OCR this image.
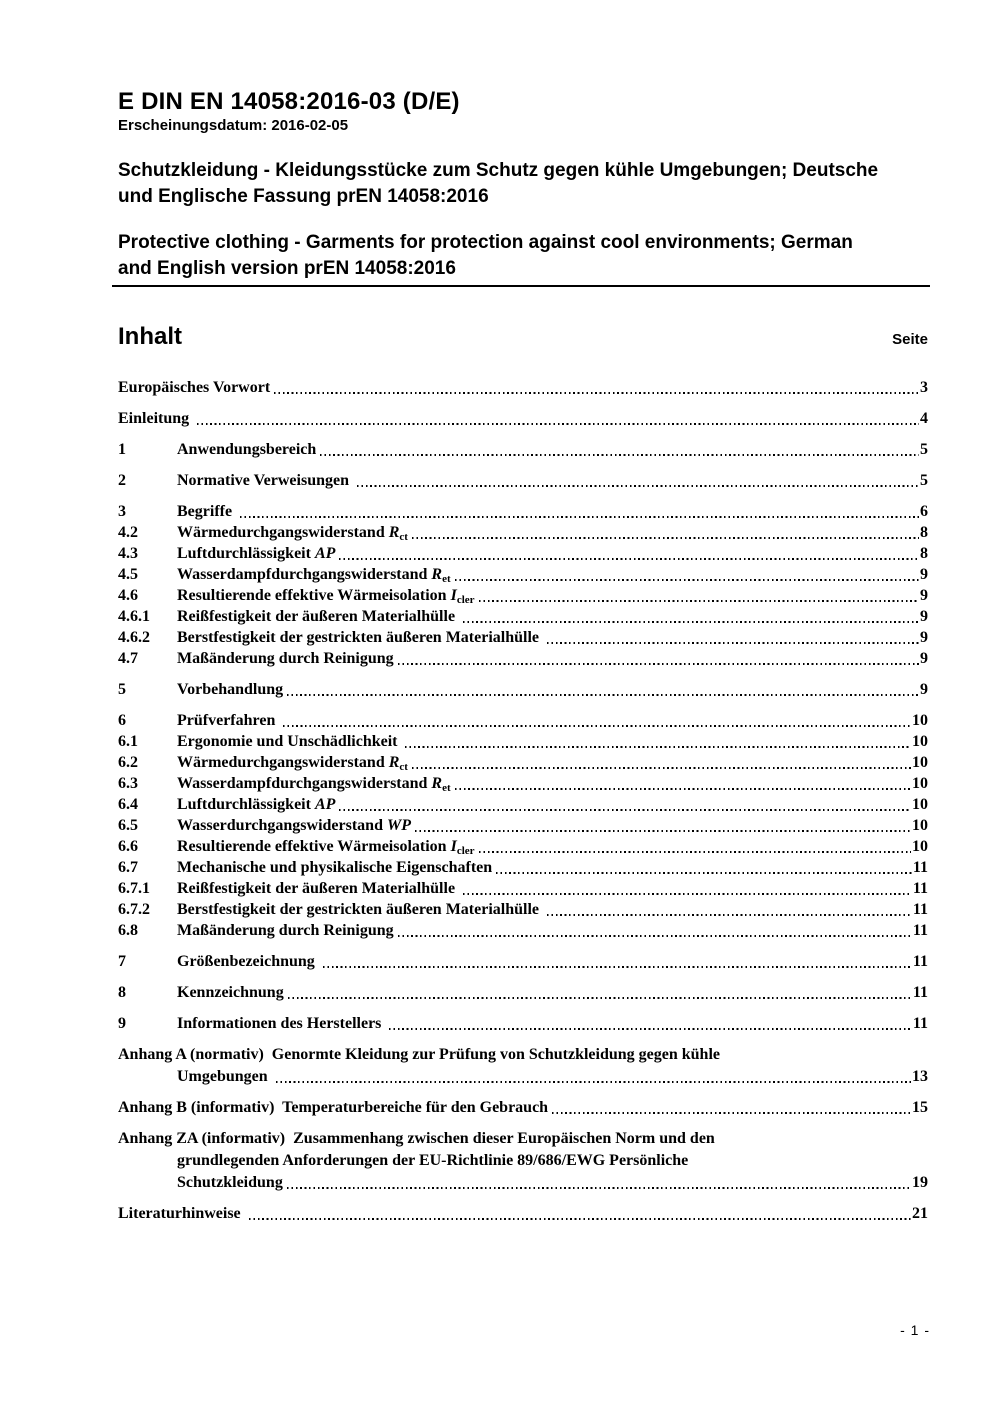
E DIN EN 14058:2016-03 (D/E)
Erscheinungsdatum: 2016-02-05
Schutzkleidung - Kleidungsstücke zum Schutz gegen kühle Umgebungen; Deutsche
und Englische Fassung prEN 14058:2016
Protective clothing - Garments for protection against cool environments; German
and English version prEN 14058:2016
Inhalt	Seite
Europäisches Vorwort	3
Einleitung	4
1	Anwendungsbereich	5
2	Normative Verweisungen	5
3	Begriffe	6
4.2	Wärmedurchgangswiderstand $R_{ct}$	8
4.3	Luftdurchlässigkeit AP	8
4.5	Wasserdampfdurchgangswiderstand $R_{et}$	9
4.6	Resultierende effektive Wärmeisolation $I_{cler}$	9
4.6.1	Reißfestigkeit der äußeren Materialhülle	9
4.6.2	Berstfestigkeit der gestrickten äußeren Materialhülle	9
4.7	Maßänderung durch Reinigung	9
5	Vorbehandlung	9
6	Prüfverfahren	10
6.1	Ergonomie und Unschädlichkeit	10
6.2	Wärmedurchgangswiderstand $R_{ct}$	10
6.3	Wasserdampfdurchgangswiderstand $R_{et}$	10
6.4	Luftdurchlässigkeit AP	10
6.5	Wasserdurchgangswiderstand WP	10
6.6	Resultierende effektive Wärmeisolation $I_{cler}$	10
6.7	Mechanische und physikalische Eigenschaften	11
6.7.1	Reißfestigkeit der äußeren Materialhülle	11
6.7.2	Berstfestigkeit der gestrickten äußeren Materialhülle	11
6.8	Maßänderung durch Reinigung	11
7	Größenbezeichnung	11
8	Kennzeichnung	11
9	Informationen des Herstellers	11
Anhang A (normativ)  Genormte Kleidung zur Prüfung von Schutzkleidung gegen kühle
Umgebungen	13
Anhang B (informativ)  Temperaturbereiche für den Gebrauch	15
Anhang ZA (informativ)  Zusammenhang zwischen dieser Europäischen Norm und den
grundlegenden Anforderungen der EU-Richtlinie 89/686/EWG Persönliche
Schutzkleidung	19
Literaturhinweise	21
- 1 -
